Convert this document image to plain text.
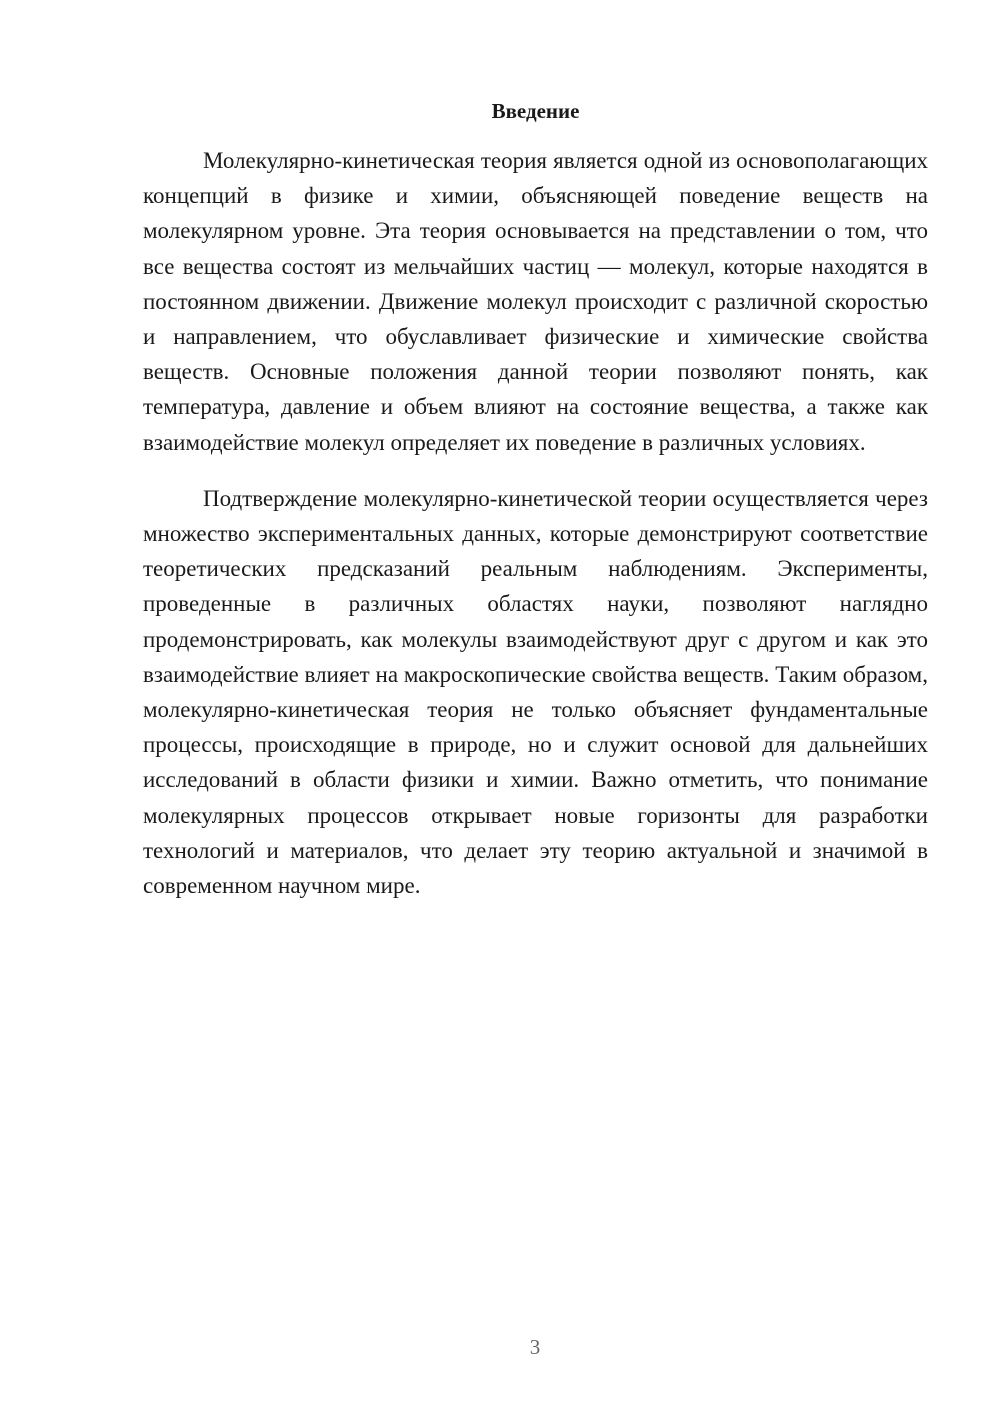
Введение

Молекулярно-кинетическая теория является одной из основополагающих концепций в физике и химии, объясняющей поведение веществ на молекулярном уровне. Эта теория основывается на представлении о том, что все вещества состоят из мельчайших частиц — молекул, которые находятся в постоянном движении. Движение молекул происходит с различной скоростью и направлением, что обуславливает физические и химические свойства веществ. Основные положения данной теории позволяют понять, как температура, давление и объем влияют на состояние вещества, а также как взаимодействие молекул определяет их поведение в различных условиях.

Подтверждение молекулярно-кинетической теории осуществляется через множество экспериментальных данных, которые демонстрируют соответствие теоретических предсказаний реальным наблюдениям. Эксперименты, проведенные в различных областях науки, позволяют наглядно продемонстрировать, как молекулы взаимодействуют друг с другом и как это взаимодействие влияет на макроскопические свойства веществ. Таким образом, молекулярно-кинетическая теория не только объясняет фундаментальные процессы, происходящие в природе, но и служит основой для дальнейших исследований в области физики и химии. Важно отметить, что понимание молекулярных процессов открывает новые горизонты для разработки технологий и материалов, что делает эту теорию актуальной и значимой в современном научном мире.

3
